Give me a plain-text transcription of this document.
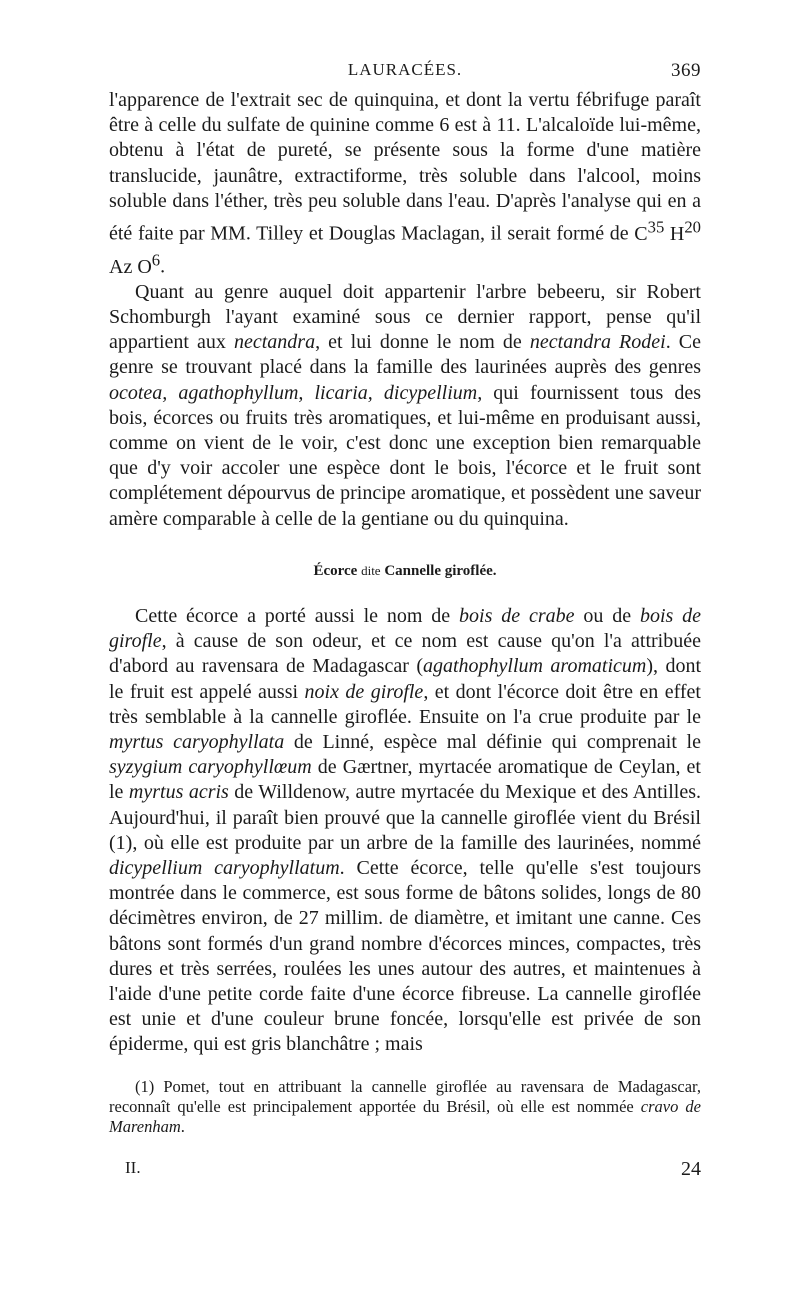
LAURACÉES.	369

l'apparence de l'extrait sec de quinquina, et dont la vertu fébrifuge paraît être à celle du sulfate de quinine comme 6 est à 11. L'alcaloïde lui-même, obtenu à l'état de pureté, se présente sous la forme d'une matière translucide, jaunâtre, extractiforme, très soluble dans l'alcool, moins soluble dans l'éther, très peu soluble dans l'eau. D'après l'analyse qui en a été faite par MM. Tilley et Douglas Maclagan, il serait formé de $C^{35}$ $H^{20}$ Az $O^6$.

Quant au genre auquel doit appartenir l'arbre bebeeru, sir Robert Schomburgh l'ayant examiné sous ce dernier rapport, pense qu'il appartient aux nectandra, et lui donne le nom de nectandra Rodei. Ce genre se trouvant placé dans la famille des laurinées auprès des genres ocotea, agathophyllum, licaria, dicypellium, qui fournissent tous des bois, écorces ou fruits très aromatiques, et lui-même en produisant aussi, comme on vient de le voir, c'est donc une exception bien remarquable que d'y voir accoler une espèce dont le bois, l'écorce et le fruit sont complétement dépourvus de principe aromatique, et possèdent une saveur amère comparable à celle de la gentiane ou du quinquina.

Écorce dite Cannelle giroflée.

Cette écorce a porté aussi le nom de bois de crabe ou de bois de girofle, à cause de son odeur, et ce nom est cause qu'on l'a attribuée d'abord au ravensara de Madagascar (agathophyllum aromaticum), dont le fruit est appelé aussi noix de girofle, et dont l'écorce doit être en effet très semblable à la cannelle giroflée. Ensuite on l'a crue produite par le myrtus caryophyllata de Linné, espèce mal définie qui comprenait le syzygium caryophyllœum de Gærtner, myrtacée aromatique de Ceylan, et le myrtus acris de Willdenow, autre myrtacée du Mexique et des Antilles. Aujourd'hui, il paraît bien prouvé que la cannelle giroflée vient du Brésil (1), où elle est produite par un arbre de la famille des laurinées, nommé dicypellium caryophyllatum. Cette écorce, telle qu'elle s'est toujours montrée dans le commerce, est sous forme de bâtons solides, longs de 80 décimètres environ, de 27 millim. de diamètre, et imitant une canne. Ces bâtons sont formés d'un grand nombre d'écorces minces, compactes, très dures et très serrées, roulées les unes autour des autres, et maintenues à l'aide d'une petite corde faite d'une écorce fibreuse. La cannelle giroflée est unie et d'une couleur brune foncée, lorsqu'elle est privée de son épiderme, qui est gris blanchâtre ; mais

(1) Pomet, tout en attribuant la cannelle giroflée au ravensara de Madagascar, reconnaît qu'elle est principalement apportée du Brésil, où elle est nommée cravo de Marenham.

II.	24
